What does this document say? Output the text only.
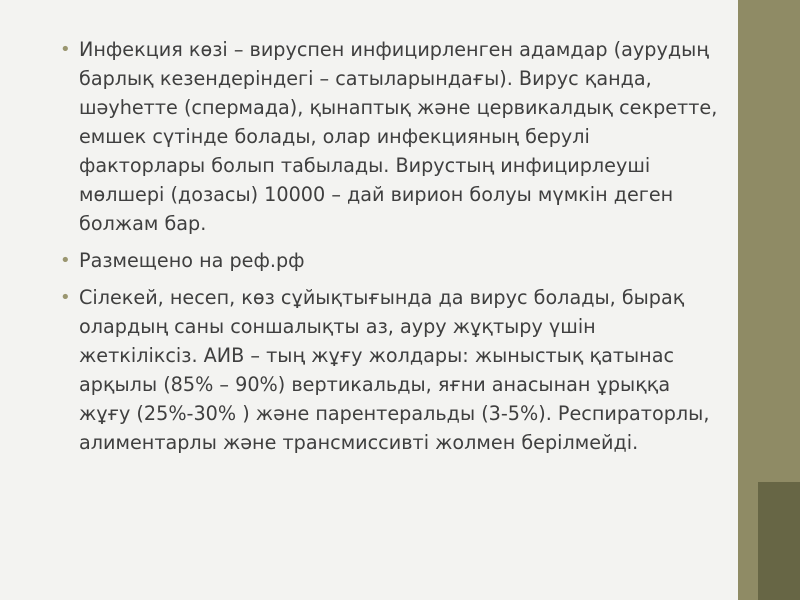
• Инфекция көзі – вируспен инфицирленген адамдар (аурудың барлық кезендеріндегі – сатыларындағы). Вирус қанда, шәуһетте (спермада), қынаптық және цервикалдық секретте, емшек сүтінде болады, олар инфекцияның берулі факторлары болып табылады. Вирустың инфицирлеуші мөлшері (дозасы) 10000 – дай вирион болуы мүмкін деген болжам бар.
• Размещено на реф.рф
• Сілекей, несеп, көз сұйықтығында да вирус болады, бырақ олардың саны соншалықты аз, ауру жұқтыру үшін жеткіліксіз. АИВ – тың жұғу жолдары: жыныстық қатынас арқылы (85% – 90%) вертикальды, яғни анасынан ұрыққа жұғу (25%-30% ) және парентеральды (3-5%). Респираторлы, алиментарлы және трансмиссивті жолмен берілмейді.
